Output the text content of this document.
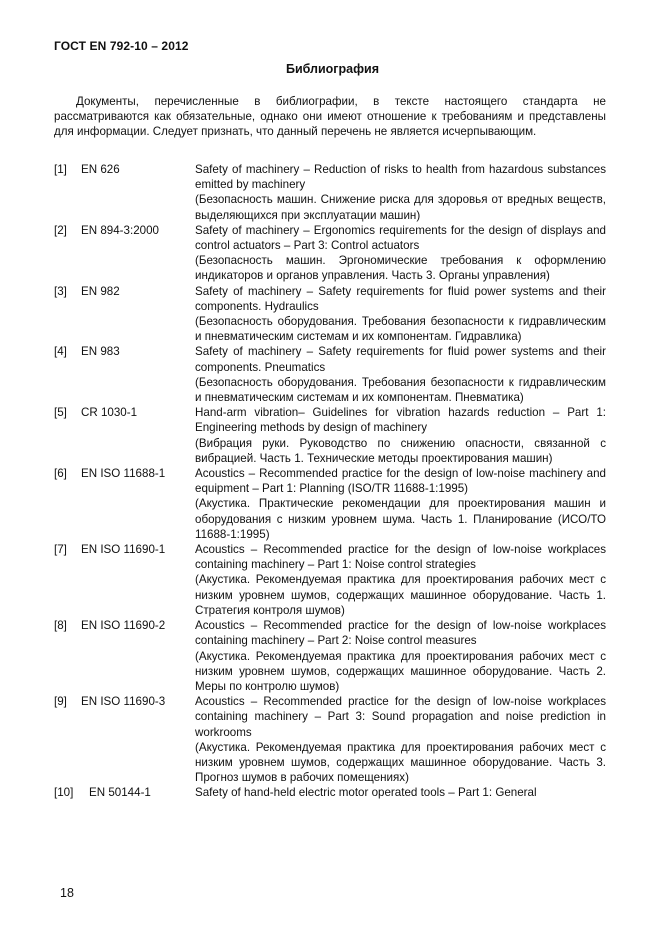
ГОСТ EN 792-10 – 2012
Библиография

Документы, перечисленные в библиографии, в тексте настоящего стандарта не рассматриваются как обязательные, однако они имеют отношение к требованиям и представлены для информации. Следует признать, что данный перечень не является исчерпывающим.

[1]	EN 626	Safety of machinery – Reduction of risks to health from hazardous substances emitted by machinery
(Безопасность машин. Снижение риска для здоровья от вредных веществ, выделяющихся при эксплуатации машин)
[2]	EN 894-3:2000	Safety of machinery – Ergonomics requirements for the design of displays and control actuators – Part 3: Control actuators
(Безопасность машин. Эргономические требования к оформлению индикаторов и органов управления. Часть 3. Органы управления)
[3]	EN 982	Safety of machinery – Safety requirements for fluid power systems and their components. Hydraulics
(Безопасность оборудования. Требования безопасности к гидравлическим и пневматическим системам и их компонентам. Гидравлика)
[4]	EN 983	Safety of machinery – Safety requirements for fluid power systems and their components. Pneumatics
(Безопасность оборудования. Требования безопасности к гидравлическим и пневматическим системам и их компонентам. Пневматика)
[5]	CR 1030-1	Hand-arm vibration– Guidelines for vibration hazards reduction – Part 1: Engineering methods by design of machinery
(Вибрация руки. Руководство по снижению опасности, связанной с вибрацией. Часть 1. Технические методы проектирования машин)
[6]	EN ISO 11688-1	Acoustics – Recommended practice for the design of low-noise machinery and equipment – Part 1: Planning (ISO/TR 11688-1:1995)
(Акустика. Практические рекомендации для проектирования машин и оборудования с низким уровнем шума. Часть 1. Планирование (ИСО/ТО 11688-1:1995)
[7]	EN ISO 11690-1	Acoustics – Recommended practice for the design of low-noise workplaces containing machinery – Part 1: Noise control strategies
(Акустика. Рекомендуемая практика для проектирования рабочих мест с низким уровнем шумов, содержащих машинное оборудование. Часть 1. Стратегия контроля шумов)
[8]	EN ISO 11690-2	Acoustics – Recommended practice for the design of low-noise workplaces containing machinery – Part 2: Noise control measures
(Акустика. Рекомендуемая практика для проектирования рабочих мест с низким уровнем шумов, содержащих машинное оборудование. Часть 2. Меры по контролю шумов)
[9]	EN ISO 11690-3	Acoustics – Recommended practice for the design of low-noise workplaces containing machinery – Part 3: Sound propagation and noise prediction in workrooms
(Акустика. Рекомендуемая практика для проектирования рабочих мест с низким уровнем шумов, содержащих машинное оборудование. Часть 3. Прогноз шумов в рабочих помещениях)
[10]	EN 50144-1	Safety of hand-held electric motor operated tools – Part 1: General
18
